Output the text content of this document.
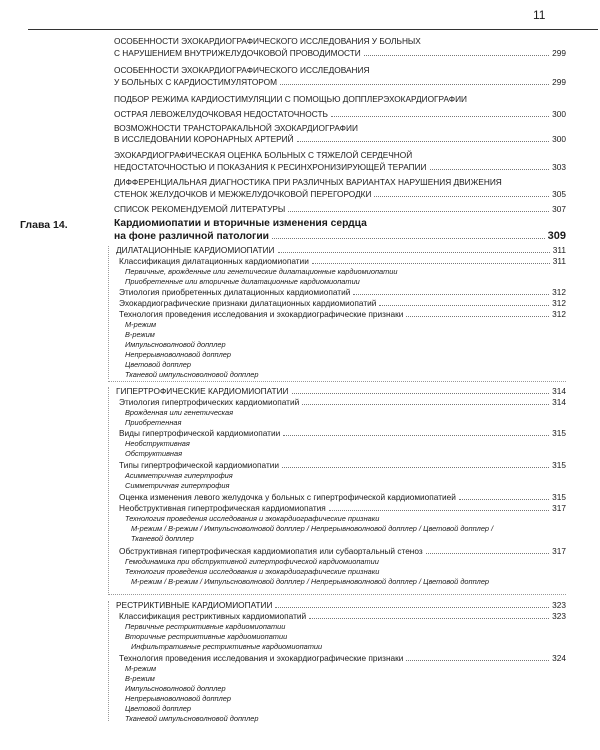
11
Глава 14.
ОСОБЕННОСТИ ЭХОКАРДИОГРАФИЧЕСКОГО ИССЛЕДОВАНИЯ У БОЛЬНЫХ
С НАРУШЕНИЕМ ВНУТРИЖЕЛУДОЧКОВОЙ ПРОВОДИМОСТИ	299
ОСОБЕННОСТИ ЭХОКАРДИОГРАФИЧЕСКОГО ИССЛЕДОВАНИЯ
У БОЛЬНЫХ С КАРДИОСТИМУЛЯТОРОМ	299
ПОДБОР РЕЖИМА КАРДИОСТИМУЛЯЦИИ С ПОМОЩЬЮ ДОППЛЕРЭХОКАРДИОГРАФИИ
ОСТРАЯ ЛЕВОЖЕЛУДОЧКОВАЯ НЕДОСТАТОЧНОСТЬ	300
ВОЗМОЖНОСТИ ТРАНСТОРАКАЛЬНОЙ ЭХОКАРДИОГРАФИИ
В ИССЛЕДОВАНИИ КОРОНАРНЫХ АРТЕРИЙ	300
ЭХОКАРДИОГРАФИЧЕСКАЯ ОЦЕНКА БОЛЬНЫХ С ТЯЖЕЛОЙ СЕРДЕЧНОЙ
НЕДОСТАТОЧНОСТЬЮ И ПОКАЗАНИЯ К РЕСИНХРОНИЗИРУЮЩЕЙ ТЕРАПИИ	303
ДИФФЕРЕНЦИАЛЬНАЯ ДИАГНОСТИКА ПРИ РАЗЛИЧНЫХ ВАРИАНТАХ НАРУШЕНИЯ ДВИЖЕНИЯ
СТЕНОК ЖЕЛУДОЧКОВ И МЕЖЖЕЛУДОЧКОВОЙ ПЕРЕГОРОДКИ	305
СПИСОК РЕКОМЕНДУЕМОЙ ЛИТЕРАТУРЫ	307
Кардиомиопатии и вторичные изменения сердца
на фоне различной патологии	309
ДИЛАТАЦИОННЫЕ КАРДИОМИОПАТИИ	311
Классификация дилатационных кардиомиопатии	311
Первичные, врожденные или генетические дилатационные кардиомиопатии
Приобретенные или вторичные дилатационные кардиомиопатии
Этиология приобретенных дилатационных кардиомиопатий	312
Эхокардиографические признаки дилатационных кардиомиопатий	312
Технология проведения исследования и эхокардиографические признаки	312
М-режим
В-режим
Импульсноволновой допплер
Непрерывноволновой допплер
Цветовой допплер
Тканевой импульсноволновой допплер
ГИПЕРТРОФИЧЕСКИЕ КАРДИОМИОПАТИИ	314
Этиология гипертрофических кардиомиопатий	314
Врожденная или генетическая
Приобретенная
Виды гипертрофической кардиомиопатии	315
Необструктивная
Обструктивная
Типы гипертрофической кардиомиопатии	315
Асимметричная гипертрофия
Симметричная гипертрофия
Оценка изменения левого желудочка у больных с гипертрофической кардиомиопатией	315
Необструктивная гипертрофическая кардиомиопатия	317
Технология проведения исследования и эхокардиографические признаки
М-режим / В-режим / Импульсноволновой допплер / Непрерывноволновой допплер / Цветовой допплер /
Тканевой допплер
Обструктивная гипертрофическая кардиомиопатия или субаортальный стеноз	317
Гемодинамика при обструктивной гипертрофической кардиомиопатии
Технология проведения исследования и эхокардиографические признаки
М-режим / В-режим / Импульсноволновой допплер / Непрерывноволновой допплер / Цветовой допплер
РЕСТРИКТИВНЫЕ КАРДИОМИОПАТИИ	323
Классификация рестриктивных кардиомиопатий	323
Первичные рестриктивные кардиомиопатии
Вторичные рестриктивные кардиомиопатии
Инфильтративные рестриктивные кардиомиопатии
Технология проведения исследования и эхокардиографические признаки	324
М-режим
В-режим
Импульсноволновой допплер
Непрерывноволновой допплер
Цветовой допплер
Тканевой импульсноволновой допплер
